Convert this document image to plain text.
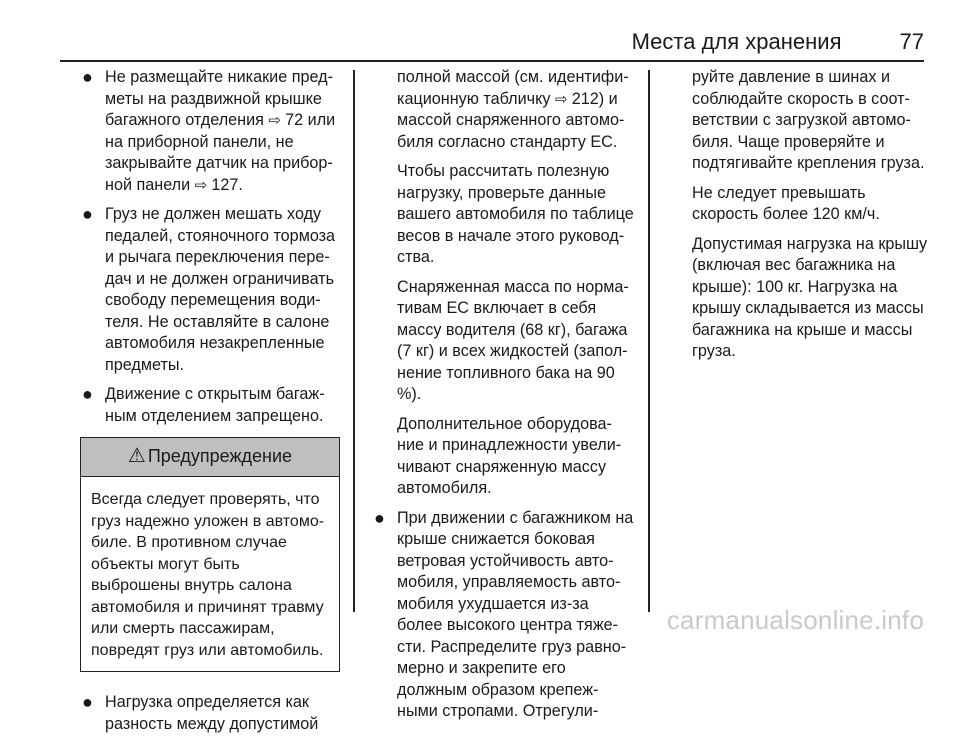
Места для хранения	77
● Не размещайте никакие пред-меты на раздвижной крышке багажного отделения ⇨ 72 или на приборной панели, не закрывайте датчик на прибор-ной панели ⇨ 127.
● Груз не должен мешать ходу педалей, стояночного тормоза и рычага переключения пере-дач и не должен ограничивать свободу перемещения води-теля. Не оставляйте в салоне автомобиля незакрепленные предметы.
● Движение с открытым багаж-ным отделением запрещено.
⚠ Предупреждение
Всегда следует проверять, что груз надежно уложен в автомо-биле. В противном случае объекты могут быть выброшены внутрь салона автомобиля и причинят травму или смерть пассажирам, повредят груз или автомобиль.
● Нагрузка определяется как разность между допустимой

полной массой (см. идентифи-кационную табличку ⇨ 212) и массой снаряженного автомо-биля согласно стандарту ЕС.

Чтобы рассчитать полезную нагрузку, проверьте данные вашего автомобиля по таблице весов в начале этого руковод-ства.

Снаряженная масса по норма-тивам ЕС включает в себя массу водителя (68 кг), багажа (7 кг) и всех жидкостей (запол-нение топливного бака на 90 %).

Дополнительное оборудова-ние и принадлежности увели-чивают снаряженную массу автомобиля.

● При движении с багажником на крыше снижается боковая ветровая устойчивость авто-мобиля, управляемость авто-мобиля ухудшается из-за более высокого центра тяже-сти. Распределите груз равно-мерно и закрепите его должным образом крепеж-ными стропами. Отрегули-

руйте давление в шинах и соблюдайте скорость в соот-ветствии с загрузкой автомо-биля. Чаще проверяйте и подтягивайте крепления груза.

Не следует превышать скорость более 120 км/ч.

Допустимая нагрузка на крышу (включая вес багажника на крыше): 100 кг. Нагрузка на крышу складывается из массы багажника на крыше и массы груза.

carmanualsonline.info
